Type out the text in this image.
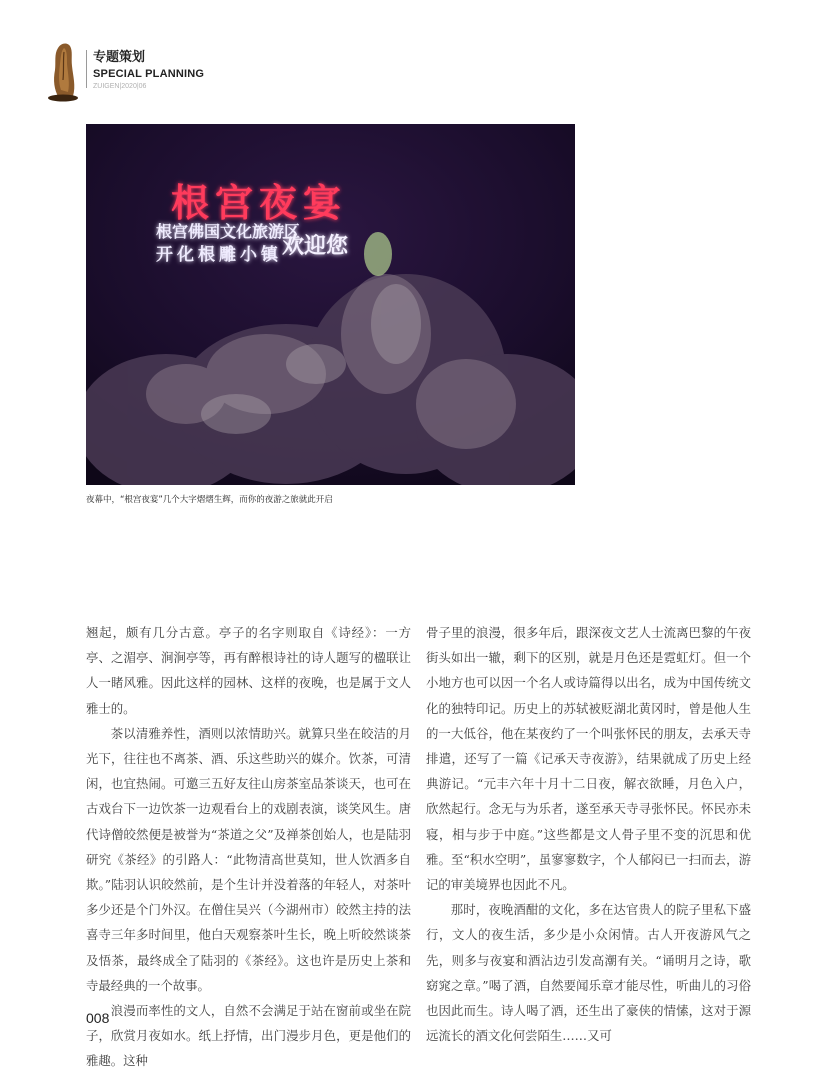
专题策划
SPECIAL PLANNING
ZUIGEN|2020|06
根宫夜宴
根宫佛国文化旅游区
开化根雕小镇 欢迎您
夜幕中，“根宫夜宴”几个大字熠熠生辉，而你的夜游之旅就此开启

翘起，颇有几分古意。亭子的名字则取自《诗经》：一方亭、之湄亭、涧涧亭等，再有醉根诗社的诗人题写的楹联让人一睹风雅。因此这样的园林、这样的夜晚，也是属于文人雅士的。

茶以清雅养性，酒则以浓情助兴。就算只坐在皎洁的月光下，往往也不离茶、酒、乐这些助兴的媒介。饮茶，可清闲，也宜热闹。可邀三五好友往山房茶室品茶谈天，也可在古戏台下一边饮茶一边观看台上的戏剧表演，谈笑风生。唐代诗僧皎然便是被誉为“茶道之父”及禅茶创始人，也是陆羽研究《茶经》的引路人：“此物清高世莫知，世人饮酒多自欺。”陆羽认识皎然前，是个生计并没着落的年轻人，对茶叶多少还是个门外汉。在僧住吴兴（今湖州市）皎然主持的法喜寺三年多时间里，他白天观察茶叶生长，晚上听皎然谈茶及悟茶，最终成全了陆羽的《茶经》。这也许是历史上茶和寺最经典的一个故事。

浪漫而率性的文人，自然不会满足于站在窗前或坐在院子，欣赏月夜如水。纸上抒情，出门漫步月色，更是他们的雅趣。这种

骨子里的浪漫，很多年后，跟深夜文艺人士流离巴黎的午夜街头如出一辙，剩下的区别，就是月色还是霓虹灯。但一个小地方也可以因一个名人或诗篇得以出名，成为中国传统文化的独特印记。历史上的苏轼被贬湖北黄冈时，曾是他人生的一大低谷，他在某夜约了一个叫张怀民的朋友，去承天寺排遣，还写了一篇《记承天寺夜游》，结果就成了历史上经典游记。“元丰六年十月十二日夜，解衣欲睡，月色入户，欣然起行。念无与为乐者，遂至承天寺寻张怀民。怀民亦未寝，相与步于中庭。”这些都是文人骨子里不变的沉思和优雅。至“积水空明”，虽寥寥数字，个人郁闷已一扫而去，游记的审美境界也因此不凡。

那时，夜晚酒酣的文化，多在达官贵人的院子里私下盛行，文人的夜生活，多少是小众闲情。古人开夜游风气之先，则多与夜宴和酒沾边引发高潮有关。“诵明月之诗，歌窈窕之章。”喝了酒，自然要闻乐章才能尽性，听曲儿的习俗也因此而生。诗人喝了酒，还生出了豪侠的情愫，这对于源远流长的酒文化何尝陌生……又可

008
